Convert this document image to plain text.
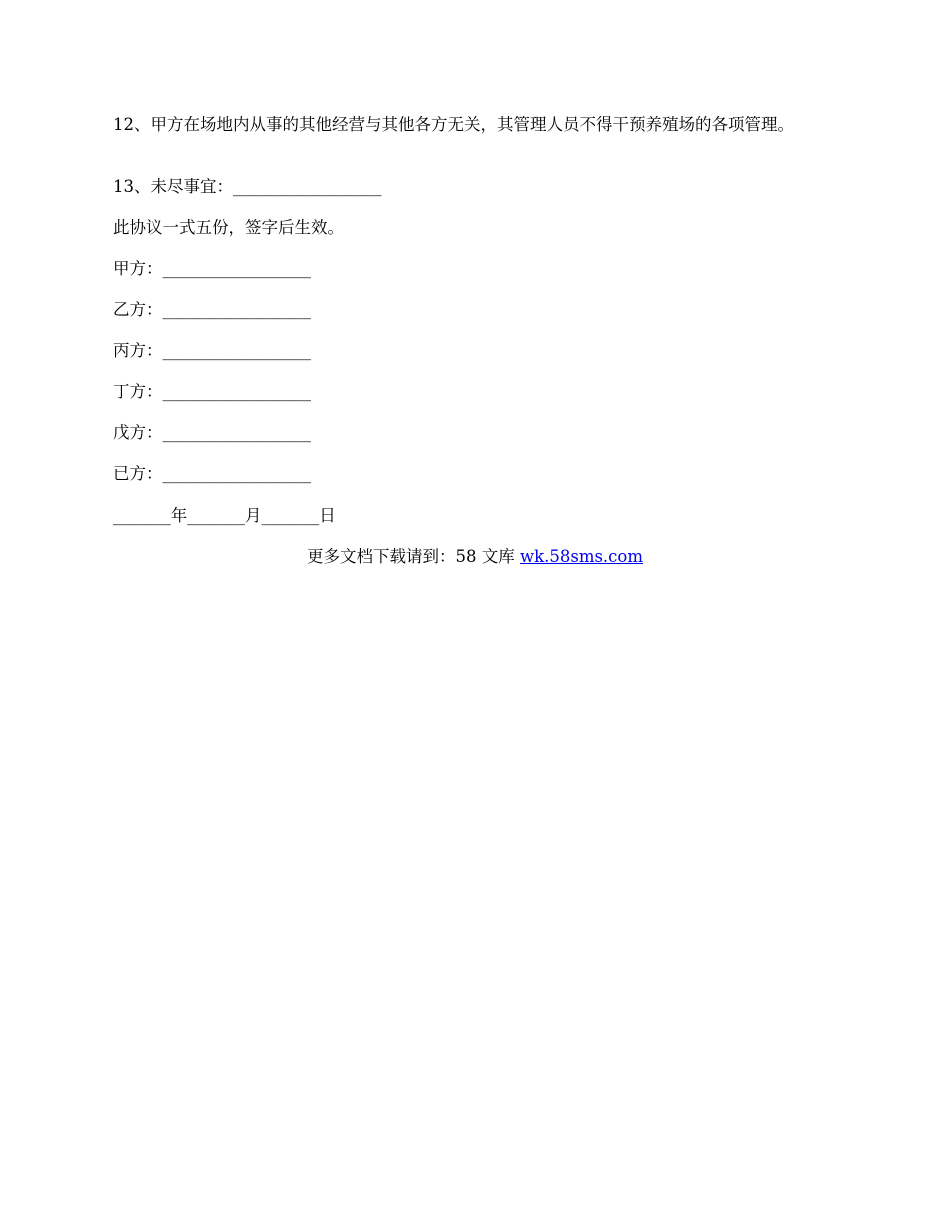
12、甲方在场地内从事的其他经营与其他各方无关，其管理人员不得干预养殖场的各项管理。
13、未尽事宜：__________________
此协议一式五份，签字后生效。
甲方：__________________
乙方：__________________
丙方：__________________
丁方：__________________
戊方：__________________
已方：__________________
_______年_______月_______日
更多文档下载请到：58 文库 wk.58sms.com
